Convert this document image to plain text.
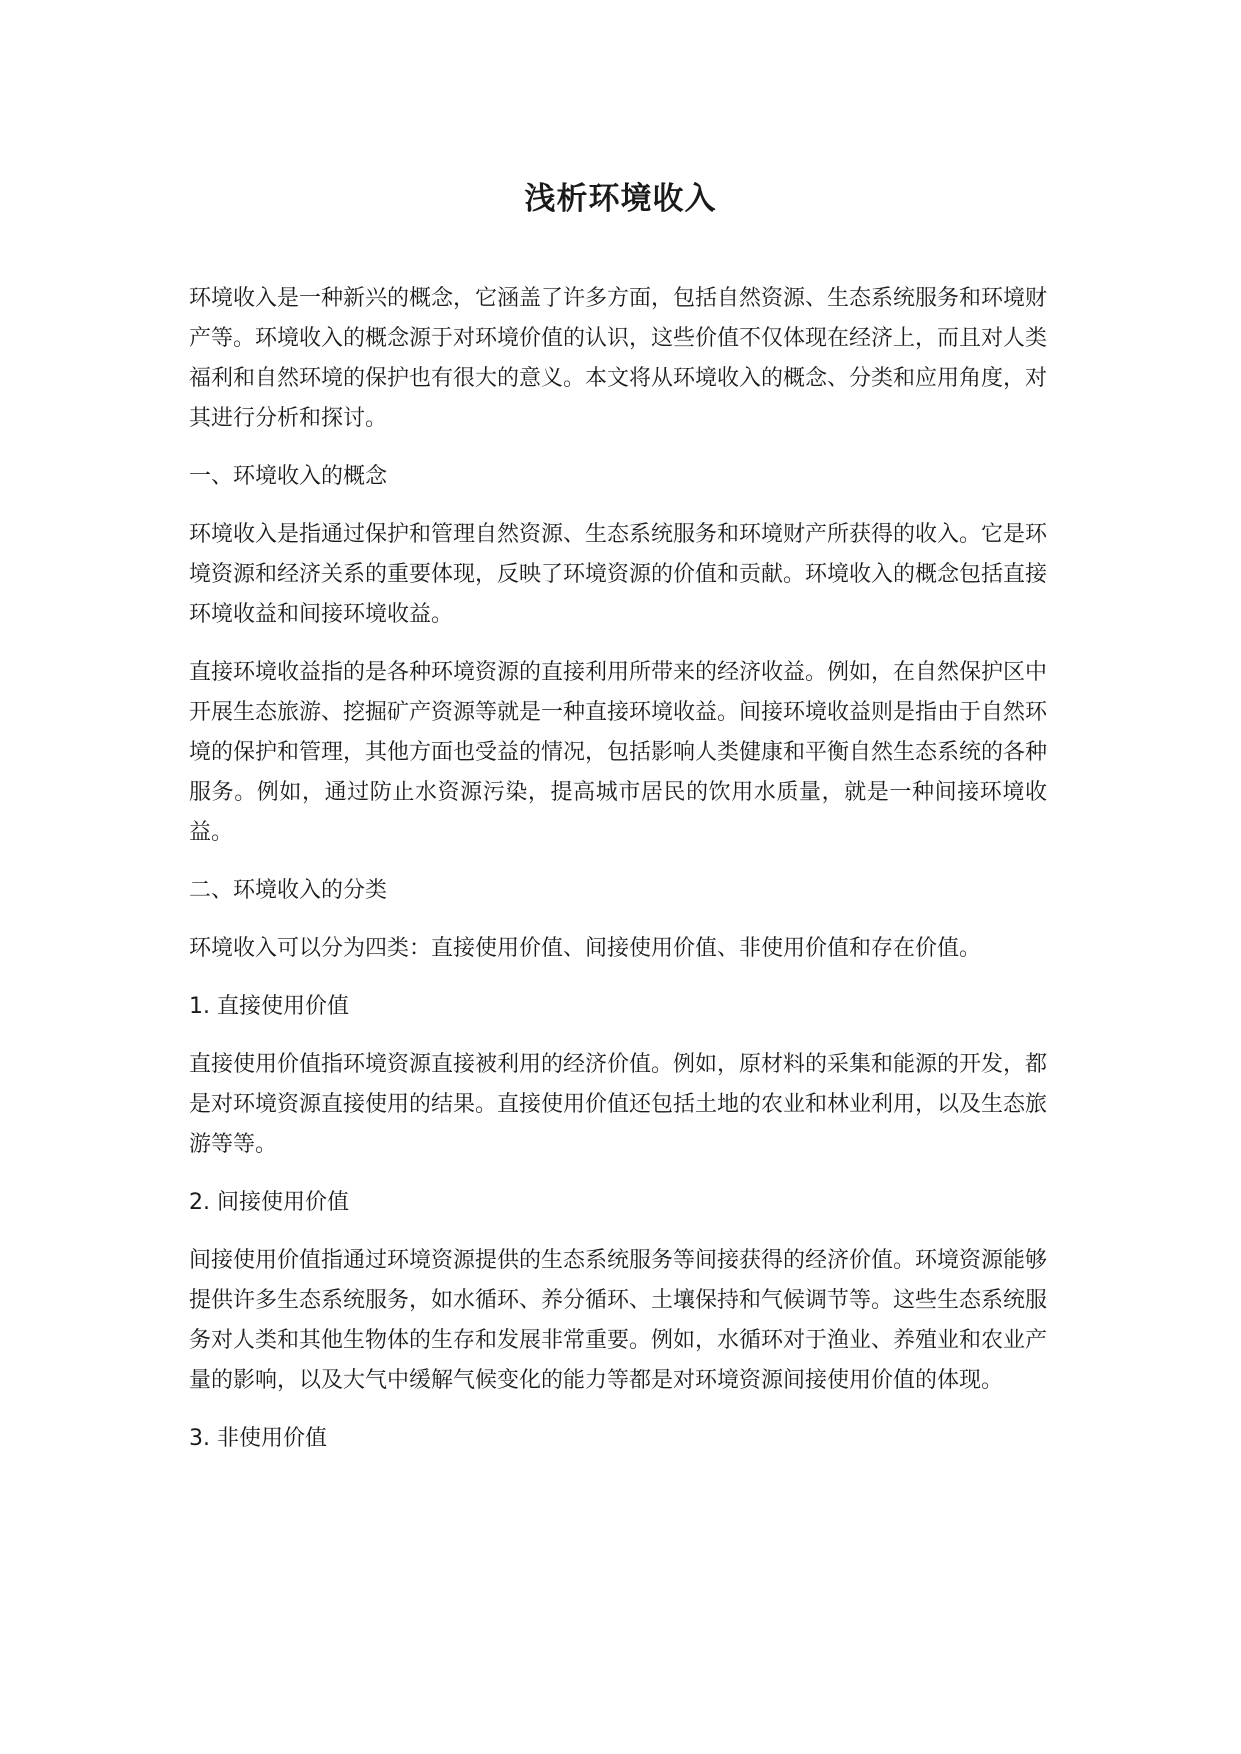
浅析环境收入

环境收入是一种新兴的概念，它涵盖了许多方面，包括自然资源、生态系统服务和环境财产等。环境收入的概念源于对环境价值的认识，这些价值不仅体现在经济上，而且对人类福利和自然环境的保护也有很大的意义。本文将从环境收入的概念、分类和应用角度，对其进行分析和探讨。

一、环境收入的概念

环境收入是指通过保护和管理自然资源、生态系统服务和环境财产所获得的收入。它是环境资源和经济关系的重要体现，反映了环境资源的价值和贡献。环境收入的概念包括直接环境收益和间接环境收益。

直接环境收益指的是各种环境资源的直接利用所带来的经济收益。例如，在自然保护区中开展生态旅游、挖掘矿产资源等就是一种直接环境收益。间接环境收益则是指由于自然环境的保护和管理，其他方面也受益的情况，包括影响人类健康和平衡自然生态系统的各种服务。例如，通过防止水资源污染，提高城市居民的饮用水质量，就是一种间接环境收益。

二、环境收入的分类

环境收入可以分为四类：直接使用价值、间接使用价值、非使用价值和存在价值。

1. 直接使用价值

直接使用价值指环境资源直接被利用的经济价值。例如，原材料的采集和能源的开发，都是对环境资源直接使用的结果。直接使用价值还包括土地的农业和林业利用，以及生态旅游等等。

2. 间接使用价值

间接使用价值指通过环境资源提供的生态系统服务等间接获得的经济价值。环境资源能够提供许多生态系统服务，如水循环、养分循环、土壤保持和气候调节等。这些生态系统服务对人类和其他生物体的生存和发展非常重要。例如，水循环对于渔业、养殖业和农业产量的影响，以及大气中缓解气候变化的能力等都是对环境资源间接使用价值的体现。

3. 非使用价值
